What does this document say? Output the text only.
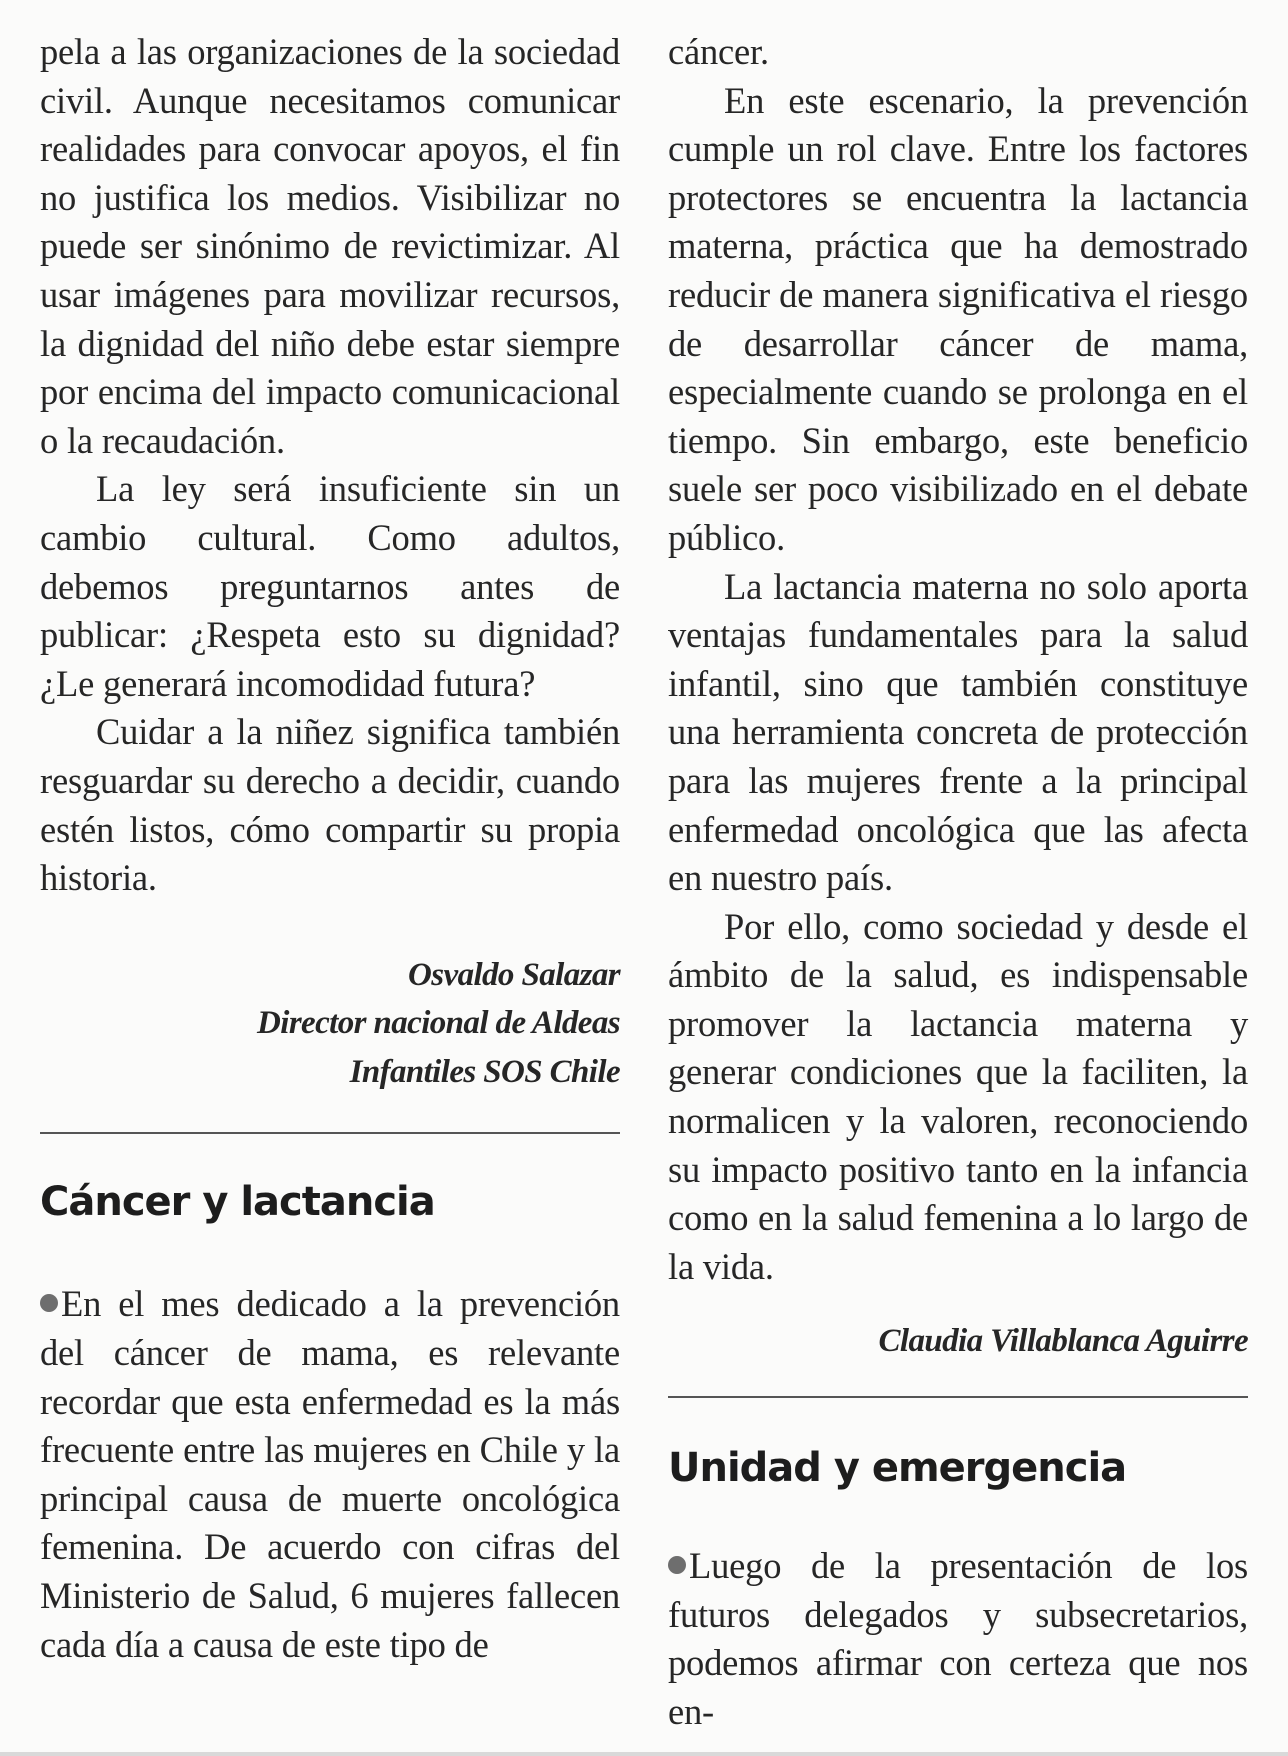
pela a las organizaciones de la sociedad civil. Aunque necesitamos comunicar realidades para convocar apoyos, el fin no justifica los medios. Visibilizar no puede ser sinónimo de revictimizar. Al usar imágenes para movilizar recursos, la dignidad del niño debe estar siempre por encima del impacto comunicacional o la recaudación.

La ley será insuficiente sin un cambio cultural. Como adultos, debemos preguntarnos antes de publicar: ¿Respeta esto su dignidad? ¿Le generará incomodidad futura?

Cuidar a la niñez significa también resguardar su derecho a decidir, cuando estén listos, cómo compartir su propia historia.

Osvaldo Salazar
Director nacional de Aldeas
Infantiles SOS Chile
Cáncer y lactancia

En el mes dedicado a la prevención del cáncer de mama, es relevante recordar que esta enfermedad es la más frecuente entre las mujeres en Chile y la principal causa de muerte oncológica femenina. De acuerdo con cifras del Ministerio de Salud, 6 mujeres fallecen cada día a causa de este tipo de

cáncer.

En este escenario, la prevención cumple un rol clave. Entre los factores protectores se encuentra la lactancia materna, práctica que ha demostrado reducir de manera significativa el riesgo de desarrollar cáncer de mama, especialmente cuando se prolonga en el tiempo. Sin embargo, este beneficio suele ser poco visibilizado en el debate público.

La lactancia materna no solo aporta ventajas fundamentales para la salud infantil, sino que también constituye una herramienta concreta de protección para las mujeres frente a la principal enfermedad oncológica que las afecta en nuestro país.

Por ello, como sociedad y desde el ámbito de la salud, es indispensable promover la lactancia materna y generar condiciones que la faciliten, la normalicen y la valoren, reconociendo su impacto positivo tanto en la infancia como en la salud femenina a lo largo de la vida.

Claudia Villablanca Aguirre
Unidad y emergencia

Luego de la presentación de los futuros delegados y subsecretarios, podemos afirmar con certeza que nos en-
